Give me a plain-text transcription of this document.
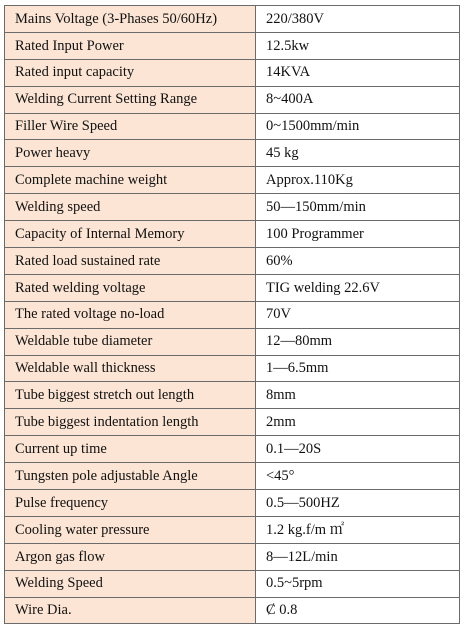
Mains Voltage (3-Phases 50/60Hz)	220/380V
Rated Input Power	12.5kw
Rated input capacity	14KVA
Welding Current Setting Range	8~400A
Filler Wire Speed	0~1500mm/min
Power heavy	45 kg
Complete machine weight	Approx.110Kg
Welding speed	50—150mm/min
Capacity of Internal Memory	100 Programmer
Rated load sustained rate	60%
Rated welding voltage	TIG welding 22.6V
The rated voltage no-load	70V
Weldable tube diameter	12—80mm
Weldable wall thickness	1—6.5mm
Tube biggest stretch out length	8mm
Tube biggest indentation length	2mm
Current up time	0.1—20S
Tungsten pole adjustable Angle	<45°
Pulse frequency	0.5—500HZ
Cooling water pressure	1.2 kg.f/m ㎡
Argon gas flow	8—12L/min
Welding Speed	0.5~5rpm
Wire Dia.	Ȼ 0.8
